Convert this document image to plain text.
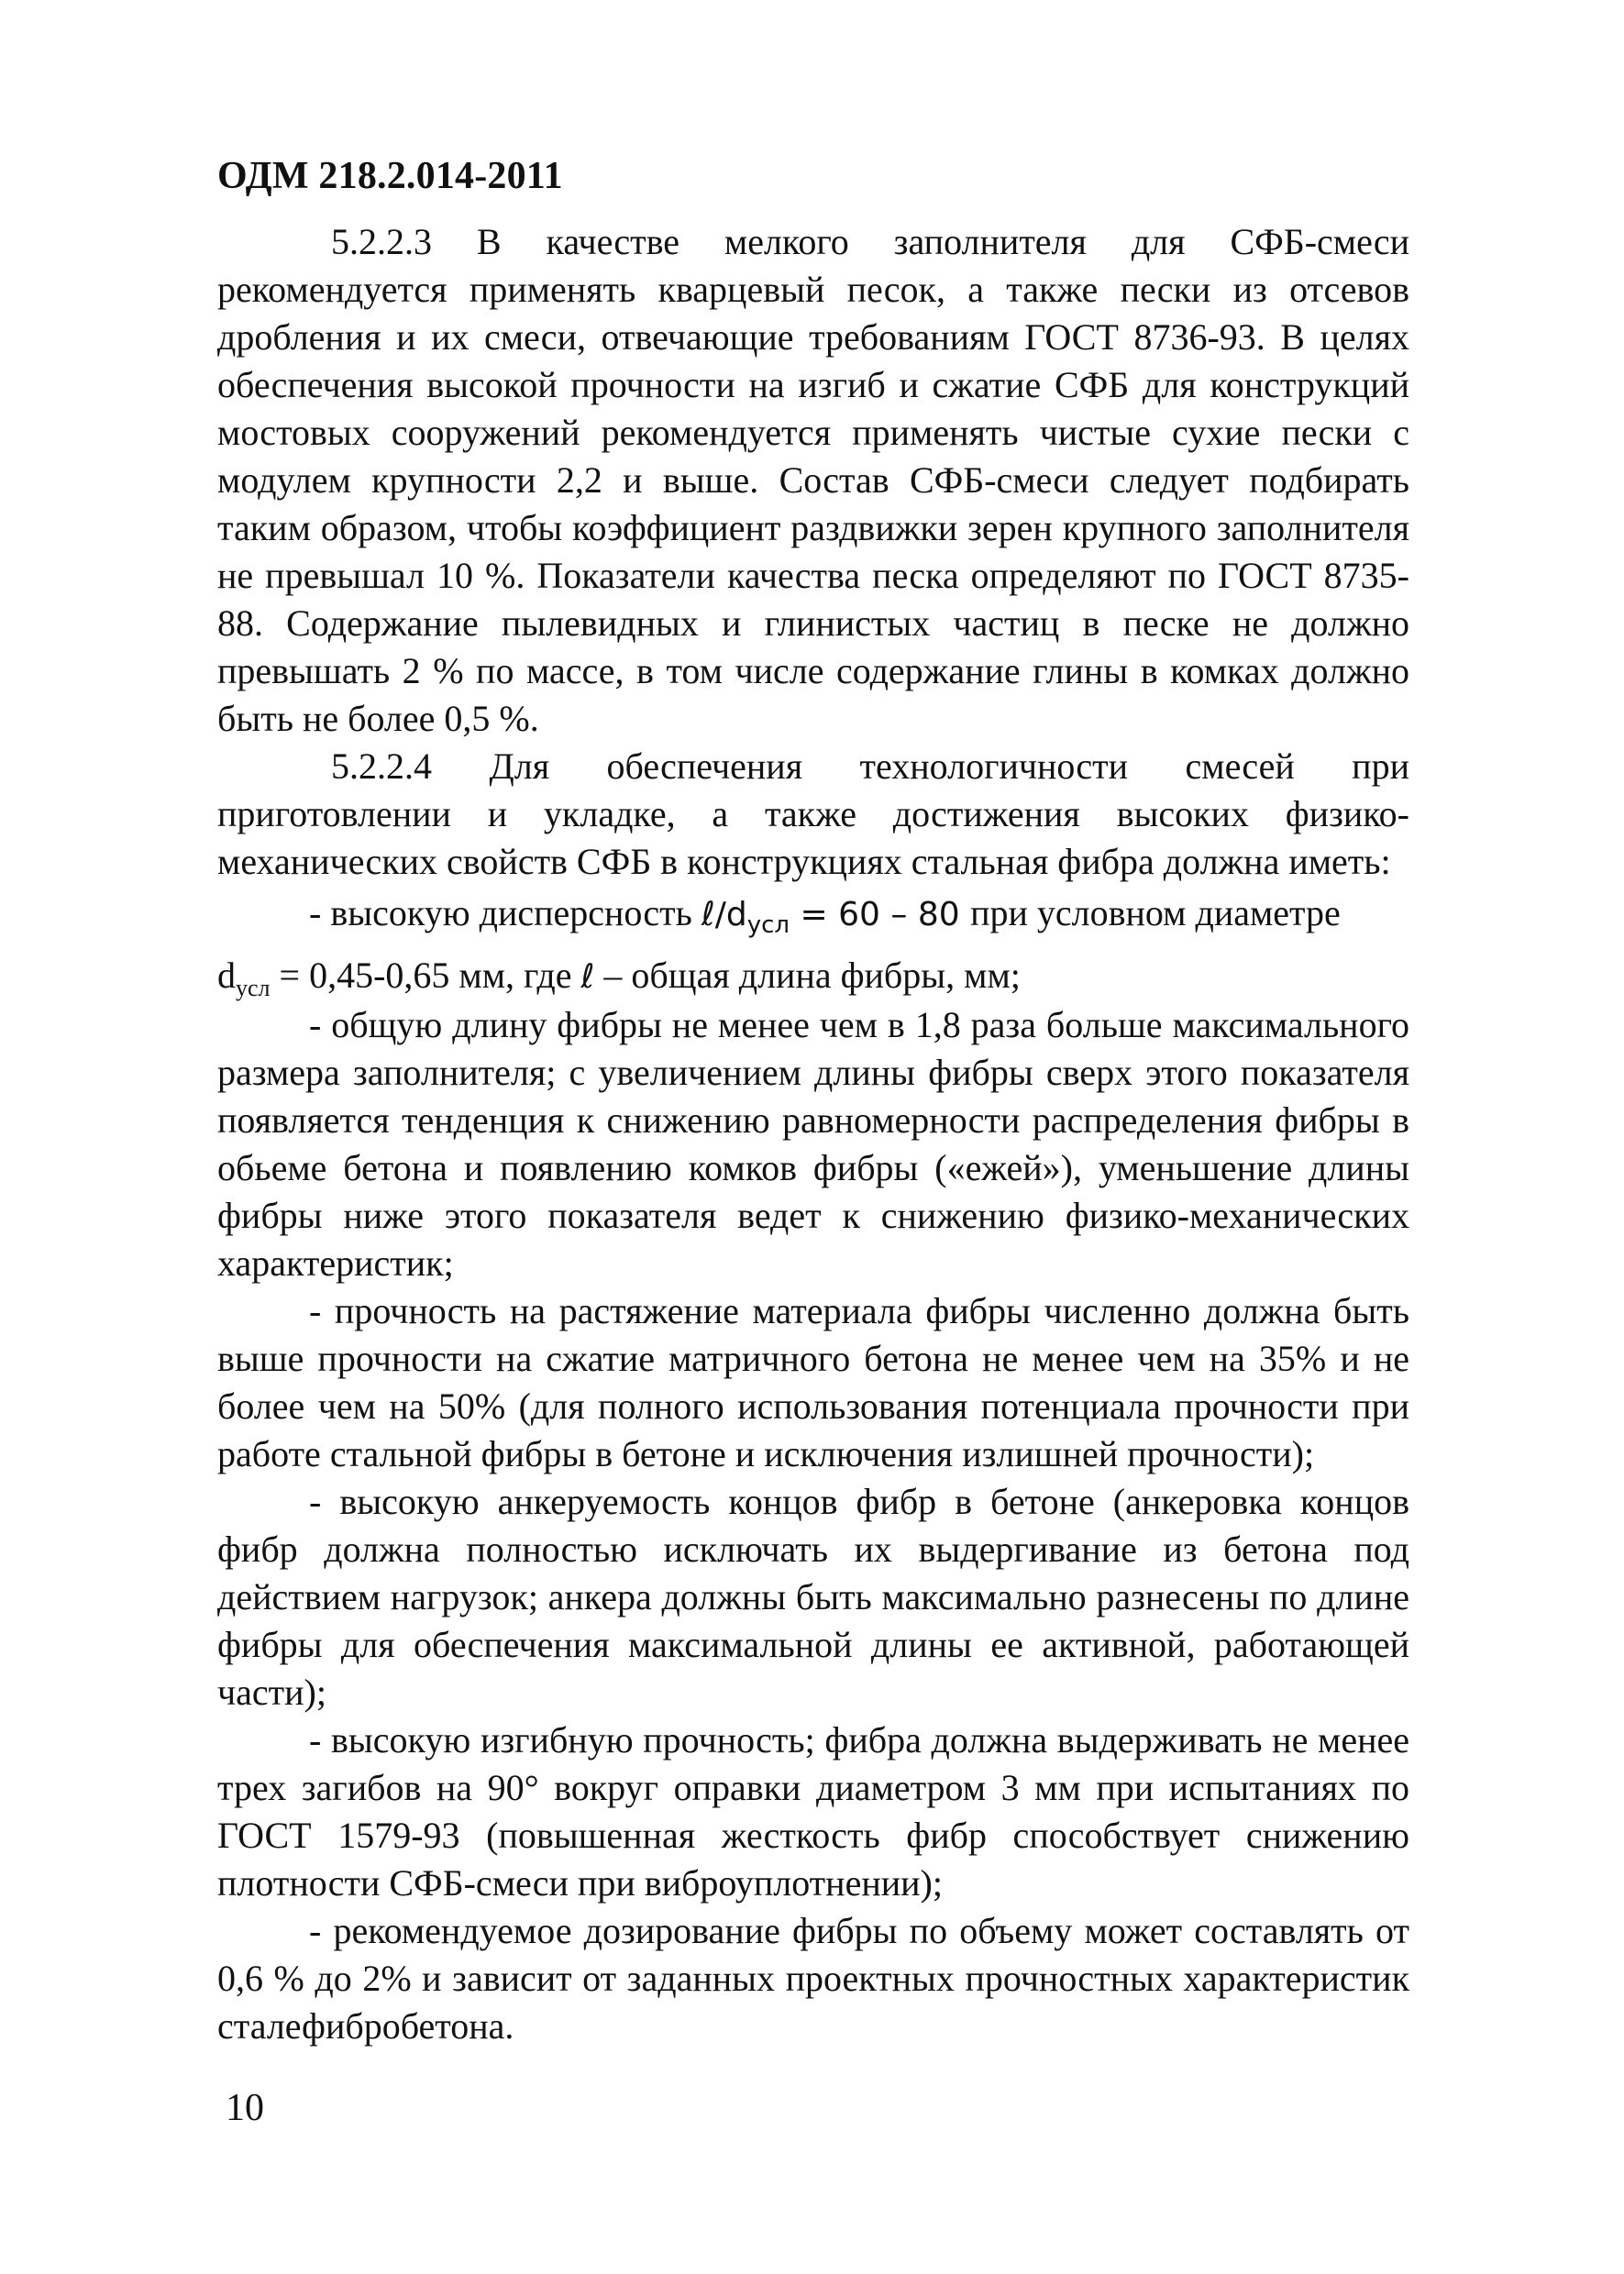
ОДМ 218.2.014-2011

5.2.2.3 В качестве мелкого заполнителя для СФБ-смеси рекомендуется применять кварцевый песок, а также пески из отсевов дробления и их смеси, отвечающие требованиям ГОСТ 8736-93. В целях обеспечения высокой прочности на изгиб и сжатие СФБ для конструкций мостовых сооружений рекомендуется применять чистые сухие пески с модулем крупности 2,2 и выше. Состав СФБ-смеси следует подбирать таким образом, чтобы коэффициент раздвижки зерен крупного заполнителя не превышал 10 %. Показатели качества песка определяют по ГОСТ 8735-88. Содержание пылевидных и глинистых частиц в песке не должно превышать 2 % по массе, в том числе содержание глины в комках должно быть не более 0,5 %.

5.2.2.4 Для обеспечения технологичности смесей при приготовлении и укладке, а также достижения высоких физико-механических свойств СФБ в конструкциях стальная фибра должна иметь:

- высокую дисперсность $\ell/d_{усл} = 60 - 80$ при условном диаметре

$d_{усл} = 0,45-0,65$ мм, где ℓ – общая длина фибры, мм;

- общую длину фибры не менее чем в 1,8 раза больше максимального размера заполнителя; с увеличением длины фибры сверх этого показателя появляется тенденция к снижению равномерности распределения фибры в обьеме бетона и появлению комков фибры («ежей»), уменьшение длины фибры ниже этого показателя ведет к снижению физико-механических характеристик;

- прочность на растяжение материала фибры численно должна быть выше прочности на сжатие матричного бетона не менее чем на 35% и не более чем на 50% (для полного использования потенциала прочности при работе стальной фибры в бетоне и исключения излишней прочности);

- высокую анкеруемость концов фибр в бетоне (анкеровка концов фибр должна полностью исключать их выдергивание из бетона под действием нагрузок; анкера должны быть максимально разнесены по длине фибры для обеспечения максимальной длины ее активной, работающей части);

- высокую изгибную прочность; фибра должна выдерживать не менее трех загибов на 90° вокруг оправки диаметром 3 мм при испытаниях по ГОСТ 1579-93 (повышенная жесткость фибр способствует снижению плотности СФБ-смеси при виброуплотнении);

- рекомендуемое дозирование фибры по объему может составлять от 0,6 % до 2% и зависит от заданных проектных прочностных характеристик сталефибробетона.

10
